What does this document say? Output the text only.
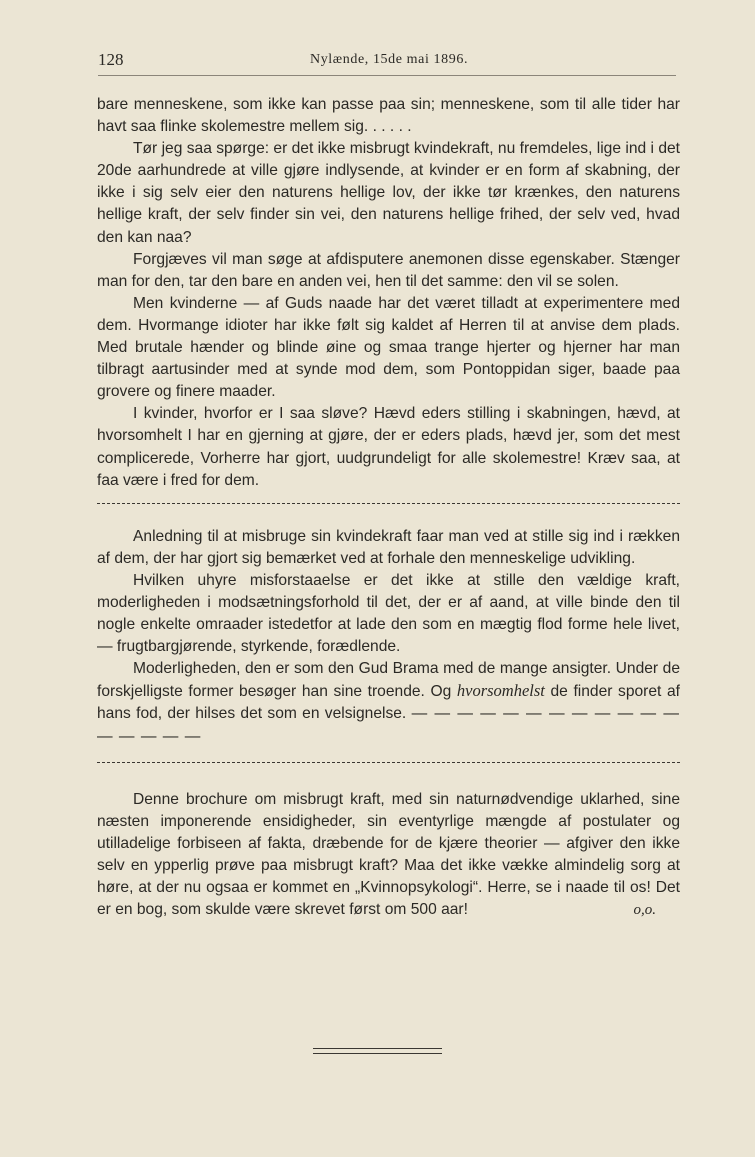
128	Nylænde, 15de mai 1896.

bare menneskene, som ikke kan passe paa sin; menneskene, som til alle tider har havt saa flinke skolemestre mellem sig. . . . . .

Tør jeg saa spørge: er det ikke misbrugt kvindekraft, nu fremdeles, lige ind i det 20de aarhundrede at ville gjøre indlysende, at kvinder er en form af skabning, der ikke i sig selv eier den naturens hellige lov, der ikke tør krænkes, den naturens hellige kraft, der selv finder sin vei, den naturens hellige frihed, der selv ved, hvad den kan naa?

Forgjæves vil man søge at afdisputere anemonen disse egenskaber. Stænger man for den, tar den bare en anden vei, hen til det samme: den vil se solen.

Men kvinderne — af Guds naade har det været tilladt at experimentere med dem. Hvormange idioter har ikke følt sig kaldet af Herren til at anvise dem plads. Med brutale hænder og blinde øine og smaa trange hjerter og hjerner har man tilbragt aartusinder med at synde mod dem, som Pontoppidan siger, baade paa grovere og finere maader.

I kvinder, hvorfor er I saa sløve? Hævd eders stilling i skabningen, hævd, at hvorsomhelt I har en gjerning at gjøre, der er eders plads, hævd jer, som det mest complicerede, Vorherre har gjort, uudgrundeligt for alle skolemestre! Kræv saa, at faa være i fred for dem.

Anledning til at misbruge sin kvindekraft faar man ved at stille sig ind i rækken af dem, der har gjort sig bemærket ved at forhale den menneskelige udvikling.

Hvilken uhyre misforstaaelse er det ikke at stille den vældige kraft, moderligheden i modsætningsforhold til det, der er af aand, at ville binde den til nogle enkelte omraader istedetfor at lade den som en mægtig flod forme hele livet, — frugtbargjørende, styrkende, forædlende.

Moderligheden, den er som den Gud Brama med de mange ansigter. Under de forskjelligste former besøger han sine troende. Og hvorsomhelst de finder sporet af hans fod, der hilses det som en velsignelse. — — — — — — — — — — — — — — — — —

Denne brochure om misbrugt kraft, med sin naturnødvendige uklarhed, sine næsten imponerende ensidigheder, sin eventyrlige mængde af postulater og utilladelige forbiseen af fakta, dræbende for de kjære theorier — afgiver den ikke selv en ypperlig prøve paa misbrugt kraft? Maa det ikke vække almindelig sorg at høre, at der nu ogsaa er kommet en „Kvinnopsykologi“. Herre, se i naade til os! Det er en bog, som skulde være skrevet først om 500 aar!	o,o.
